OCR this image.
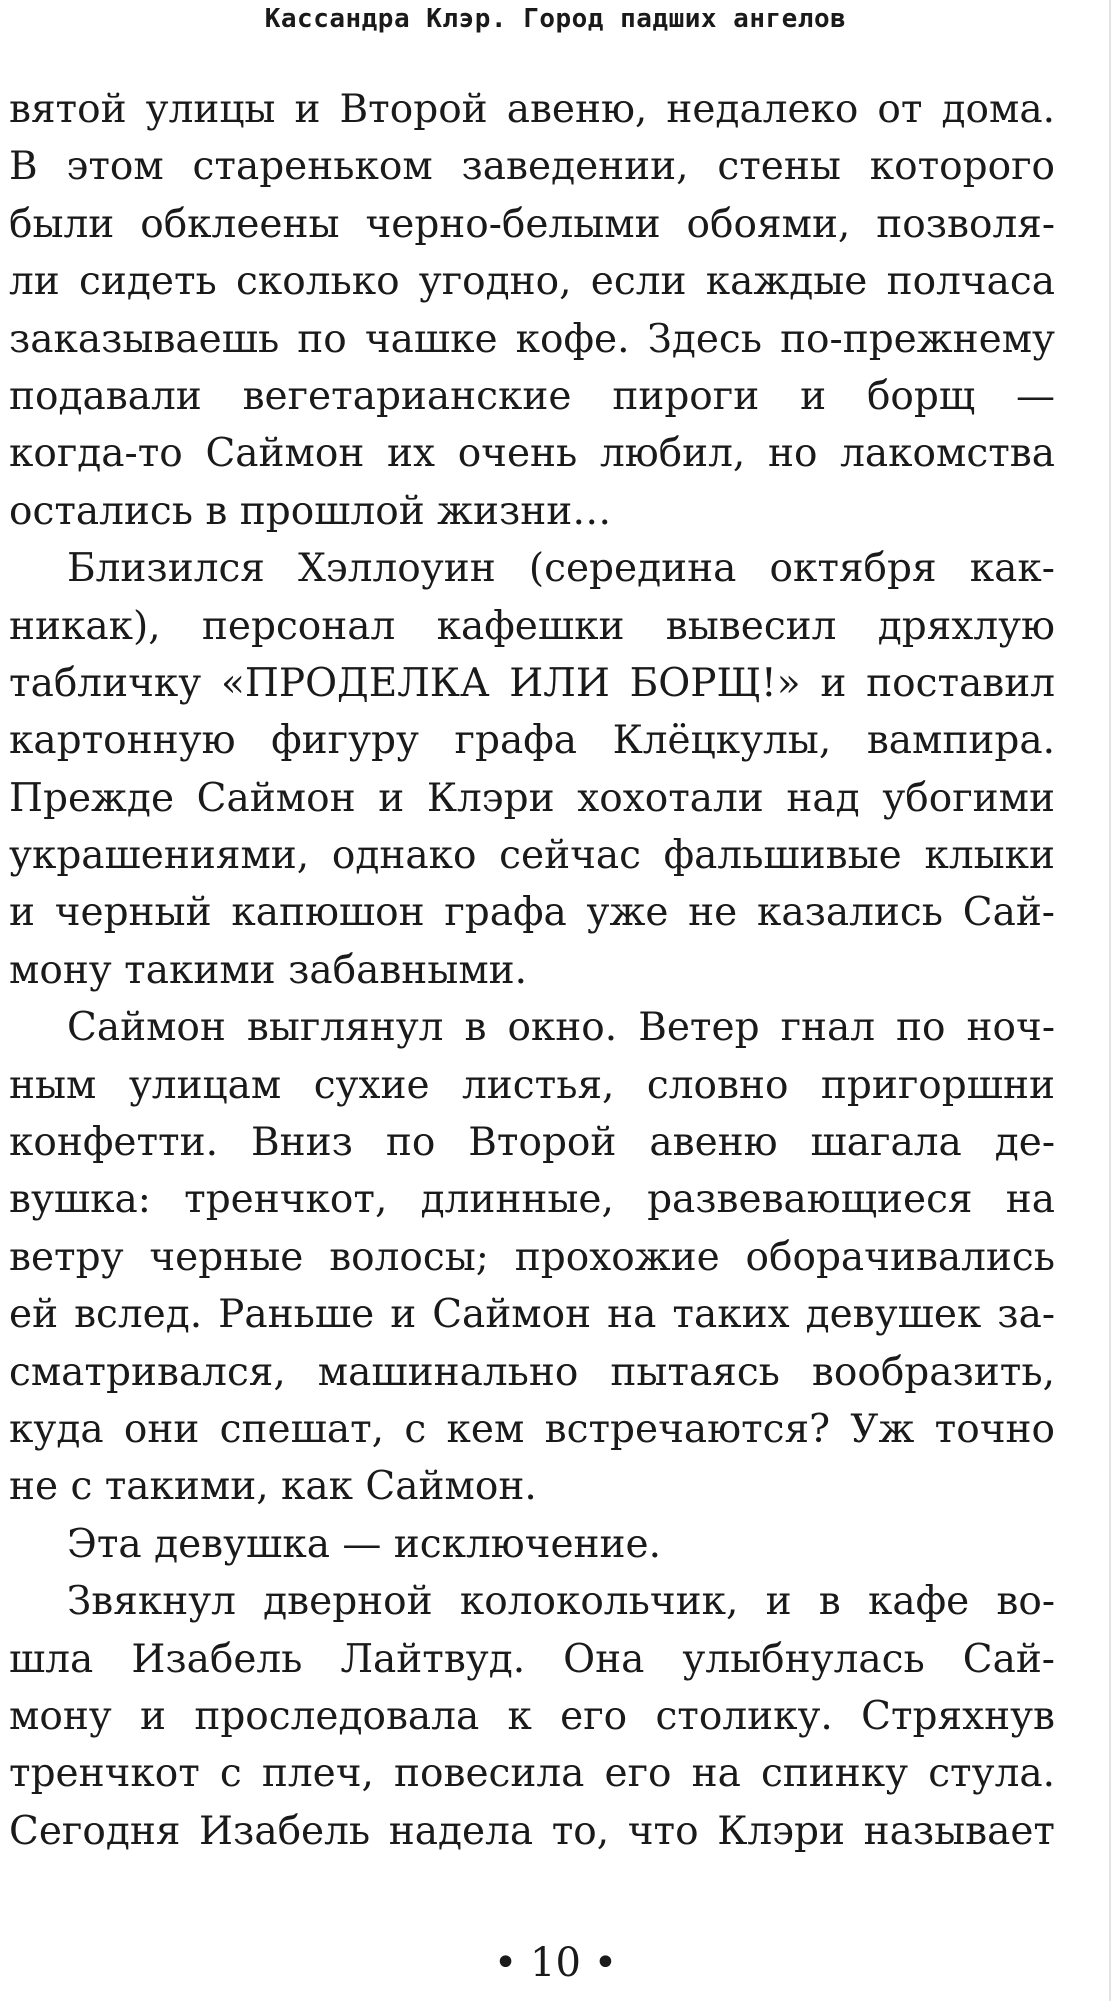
Кассандра Клэр. Город падших ангелов

вятой улицы и Второй авеню, недалеко от дома.
В этом стареньком заведении, стены которого
были обклеены черно-белыми обоями, позволя-
ли сидеть сколько угодно, если каждые полчаса
заказываешь по чашке кофе. Здесь по-прежнему
подавали вегетарианские пироги и борщ —
когда-то Саймон их очень любил, но лакомства
остались в прошлой жизни…

Близился Хэллоуин (середина октября как-
никак), персонал кафешки вывесил дряхлую
табличку «ПРОДЕЛКА ИЛИ БОРЩ!» и поставил
картонную фигуру графа Клёцкулы, вампира.
Прежде Саймон и Клэри хохотали над убогими
украшениями, однако сейчас фальшивые клыки
и черный капюшон графа уже не казались Сай-
мону такими забавными.

Саймон выглянул в окно. Ветер гнал по ноч-
ным улицам сухие листья, словно пригоршни
конфетти. Вниз по Второй авеню шагала де-
вушка: тренчкот, длинные, развевающиеся на
ветру черные волосы; прохожие оборачивались
ей вслед. Раньше и Саймон на таких девушек за-
сматривался, машинально пытаясь вообразить,
куда они спешат, с кем встречаются? Уж точно
не с такими, как Саймон.

Эта девушка — исключение.

Звякнул дверной колокольчик, и в кафе во-
шла Изабель Лайтвуд. Она улыбнулась Сай-
мону и проследовала к его столику. Стряхнув
тренчкот с плеч, повесила его на спинку стула.
Сегодня Изабель надела то, что Клэри называет

• 10 •
